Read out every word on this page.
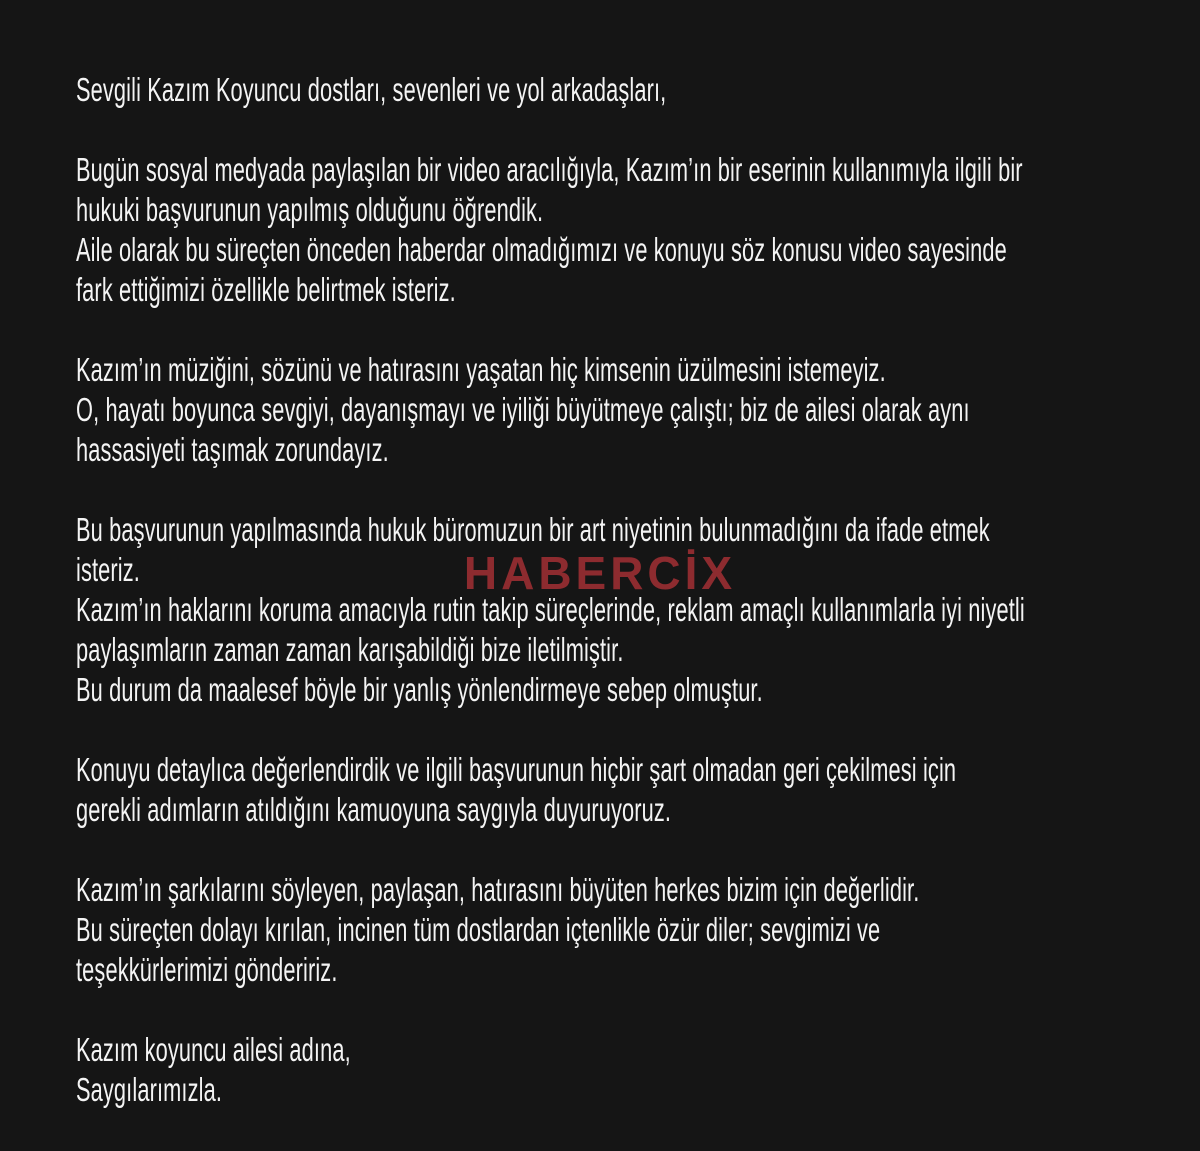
HABERCİX
Sevgili Kazım Koyuncu dostları, sevenleri ve yol arkadaşları,
Bugün sosyal medyada paylaşılan bir video aracılığıyla, Kazım’ın bir eserinin kullanımıyla ilgili bir
hukuki başvurunun yapılmış olduğunu öğrendik.
Aile olarak bu süreçten önceden haberdar olmadığımızı ve konuyu söz konusu video sayesinde
fark ettiğimizi özellikle belirtmek isteriz.
Kazım’ın müziğini, sözünü ve hatırasını yaşatan hiç kimsenin üzülmesini istemeyiz.
O, hayatı boyunca sevgiyi, dayanışmayı ve iyiliği büyütmeye çalıştı; biz de ailesi olarak aynı
hassasiyeti taşımak zorundayız.
Bu başvurunun yapılmasında hukuk büromuzun bir art niyetinin bulunmadığını da ifade etmek
isteriz.
Kazım’ın haklarını koruma amacıyla rutin takip süreçlerinde, reklam amaçlı kullanımlarla iyi niyetli
paylaşımların zaman zaman karışabildiği bize iletilmiştir.
Bu durum da maalesef böyle bir yanlış yönlendirmeye sebep olmuştur.
Konuyu detaylıca değerlendirdik ve ilgili başvurunun hiçbir şart olmadan geri çekilmesi için
gerekli adımların atıldığını kamuoyuna saygıyla duyuruyoruz.
Kazım’ın şarkılarını söyleyen, paylaşan, hatırasını büyüten herkes bizim için değerlidir.
Bu süreçten dolayı kırılan, incinen tüm dostlardan içtenlikle özür diler; sevgimizi ve
teşekkürlerimizi göndeririz.
Kazım koyuncu ailesi adına,
Saygılarımızla.
